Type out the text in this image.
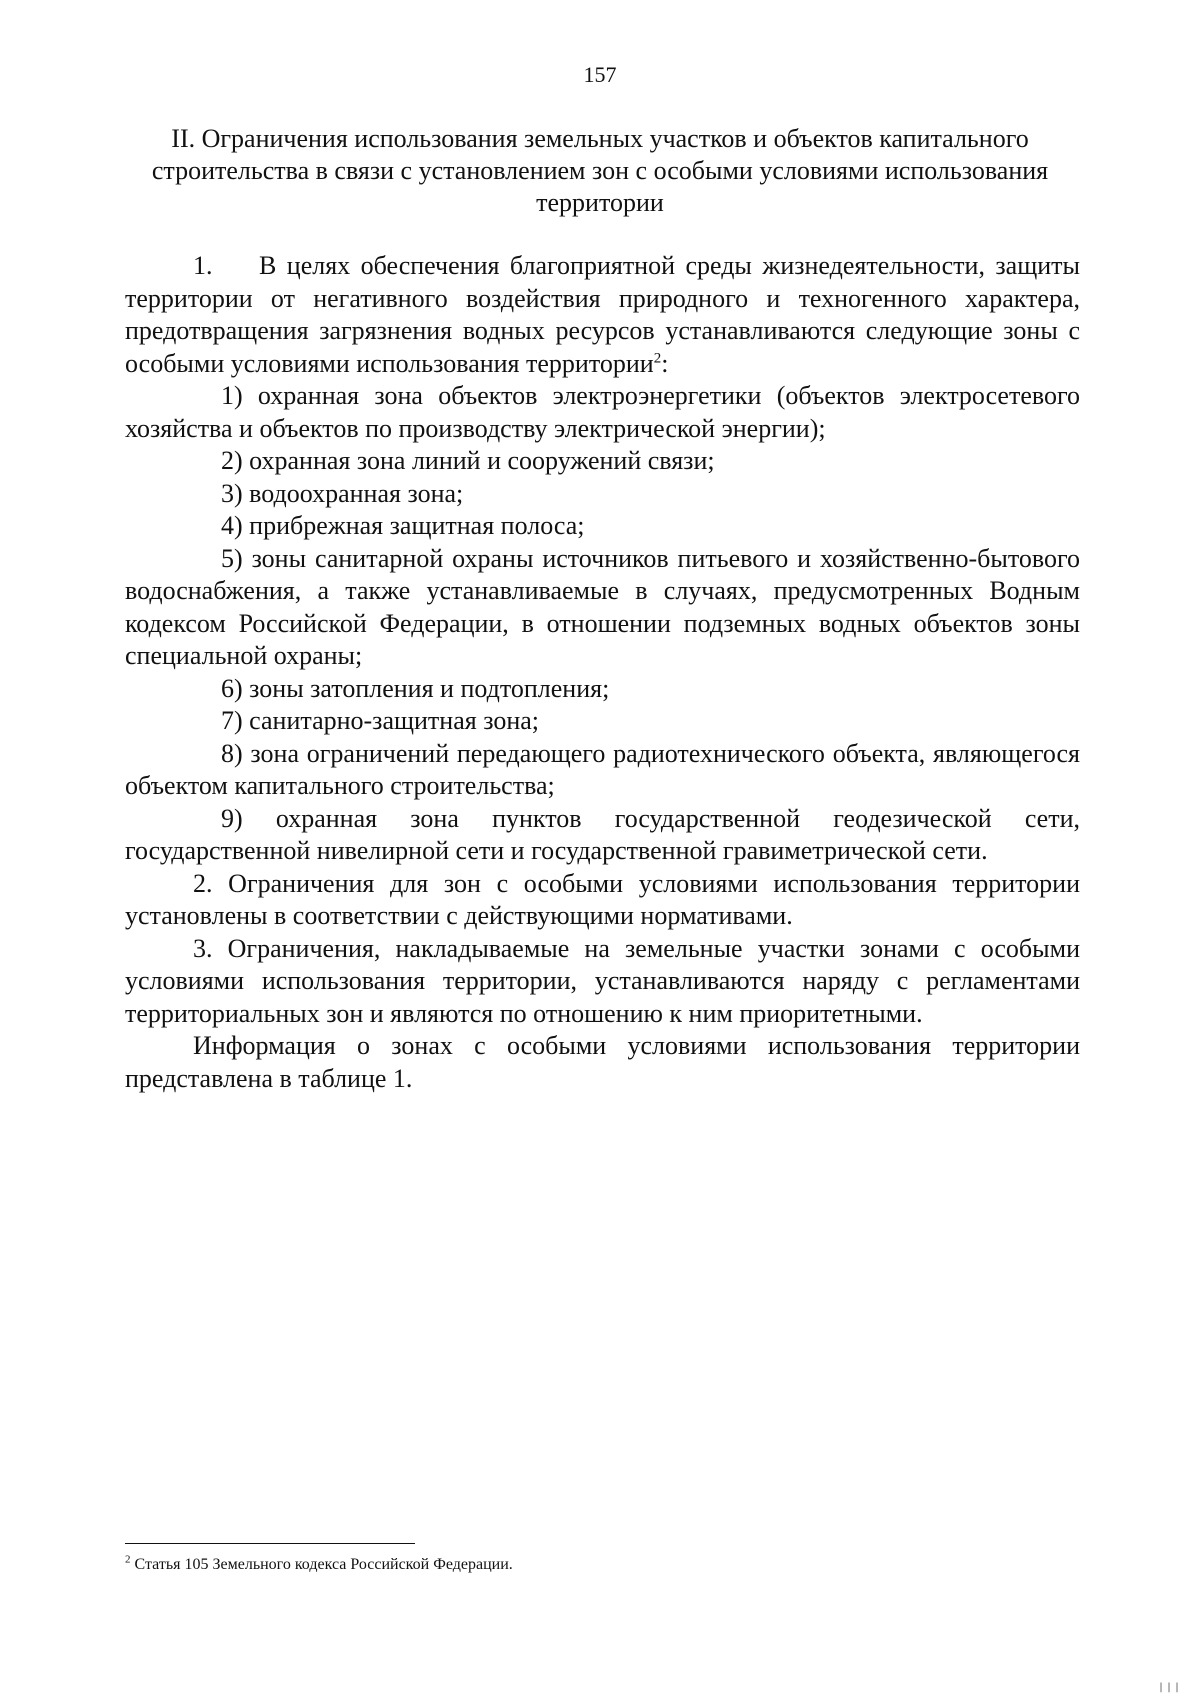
157
II. Ограничения использования земельных участков и объектов капитального строительства в связи с установлением зон с особыми условиями использования территории

1. В целях обеспечения благоприятной среды жизнедеятельности, защиты территории от негативного воздействия природного и техногенного характера, предотвращения загрязнения водных ресурсов устанавливаются следующие зоны с особыми условиями использования территории$^2$:

1) охранная зона объектов электроэнергетики (объектов электросетевого хозяйства и объектов по производству электрической энергии);

2) охранная зона линий и сооружений связи;

3) водоохранная зона;

4) прибрежная защитная полоса;

5) зоны санитарной охраны источников питьевого и хозяйственно-бытового водоснабжения, а также устанавливаемые в случаях, предусмотренных Водным кодексом Российской Федерации, в отношении подземных водных объектов зоны специальной охраны;

6) зоны затопления и подтопления;

7) санитарно-защитная зона;

8) зона ограничений передающего радиотехнического объекта, являющегося объектом капитального строительства;

9) охранная зона пунктов государственной геодезической сети, государственной нивелирной сети и государственной гравиметрической сети.

2. Ограничения для зон с особыми условиями использования территории установлены в соответствии с действующими нормативами.

3. Ограничения, накладываемые на земельные участки зонами с особыми условиями использования территории, устанавливаются наряду с регламентами территориальных зон и являются по отношению к ним приоритетными.

Информация о зонах с особыми условиями использования территории представлена в таблице 1.

$^2$ Статья 105 Земельного кодекса Российской Федерации.
|||
